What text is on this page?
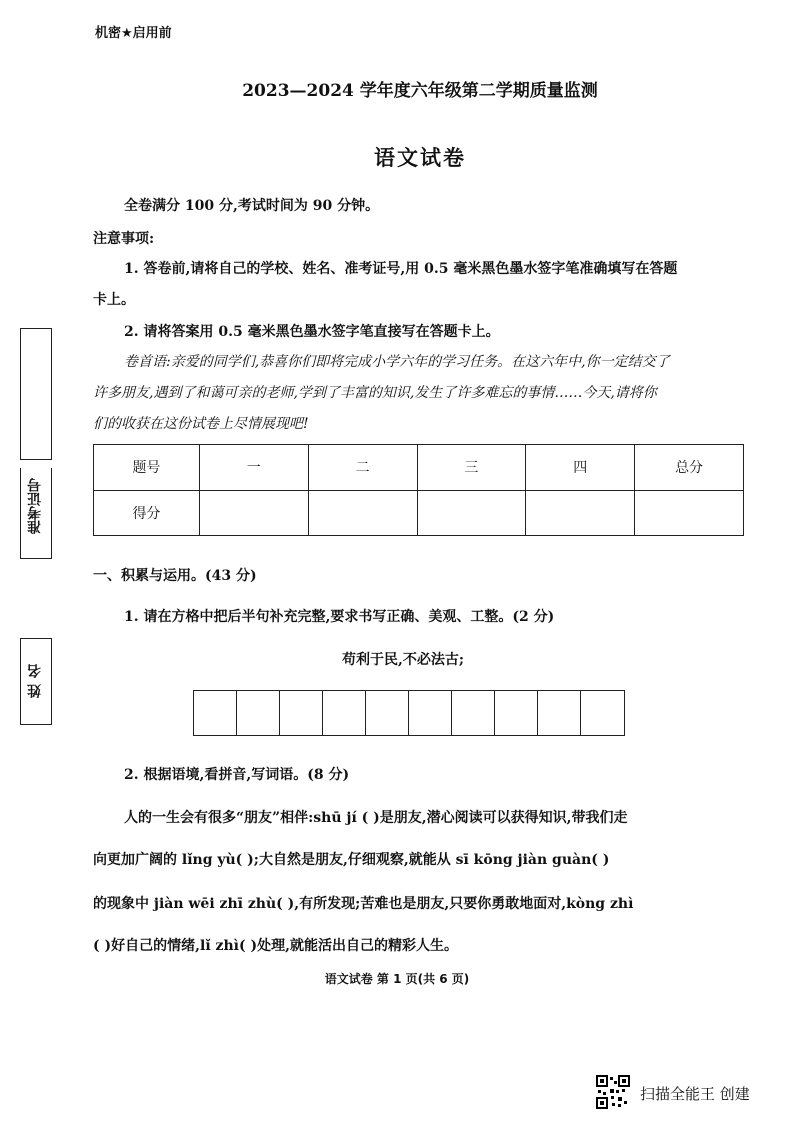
机密★启用前
2023—2024 学年度六年级第二学期质量监测
语文试卷
全卷满分 100 分,考试时间为 90 分钟。
注意事项:
1. 答卷前,请将自己的学校、姓名、准考证号,用 0.5 毫米黑色墨水签字笔准确填写在答题
卡上。
2. 请将答案用 0.5 毫米黑色墨水签字笔直接写在答题卡上。
卷首语:亲爱的同学们,恭喜你们即将完成小学六年的学习任务。在这六年中,你一定结交了
许多朋友,遇到了和蔼可亲的老师,学到了丰富的知识,发生了许多难忘的事情……今天,请将你
们的收获在这份试卷上尽情展现吧!
准考证号
姓名
题号	一	二	三	四	总分
得分					
一、积累与运用。(43 分)
1. 请在方格中把后半句补充完整,要求书写正确、美观、工整。(2 分)
苟利于民,不必法古;
2. 根据语境,看拼音,写词语。(8 分)
人的一生会有很多“朋友”相伴:shū jí ( )是朋友,潜心阅读可以获得知识,带我们走
向更加广阔的 lǐng yù( );大自然是朋友,仔细观察,就能从 sī kōng jiàn guàn( )
的现象中 jiàn wēi zhī zhù( ),有所发现;苦难也是朋友,只要你勇敢地面对,kòng zhì
( )好自己的情绪,lǐ zhì( )处理,就能活出自己的精彩人生。
语文试卷 第 1 页(共 6 页)
扫描全能王 创建
